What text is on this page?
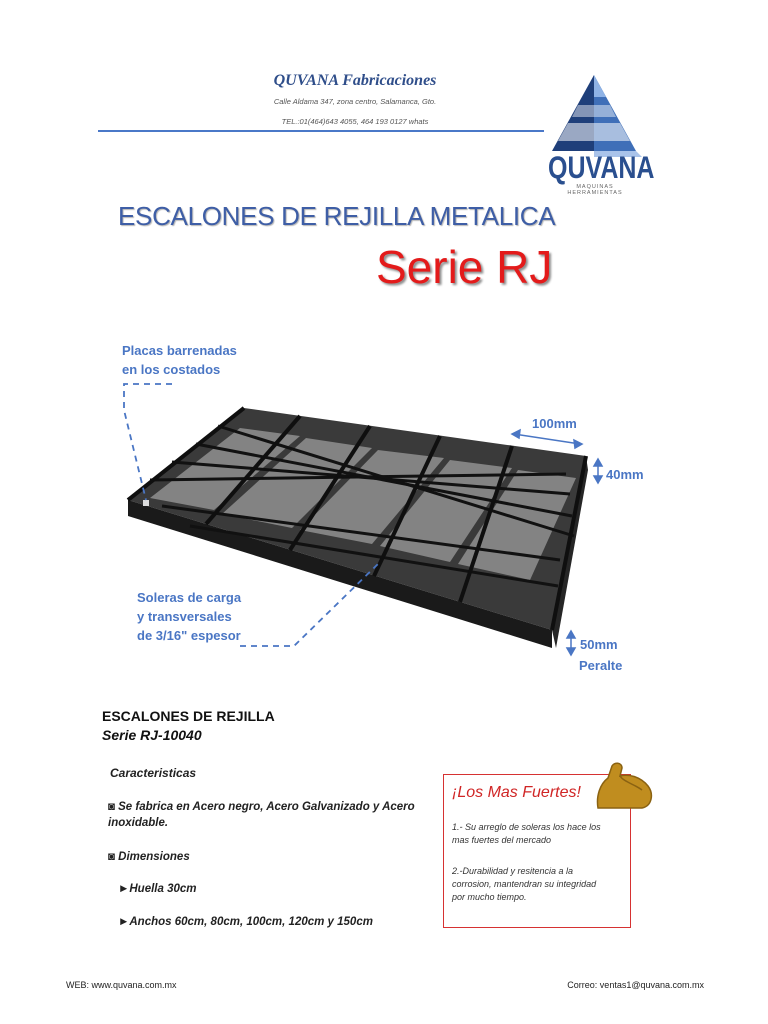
QUVANA Fabricaciones
Calle Aldama 347, zona centro, Salamanca, Gto.
TEL.:01(464)643 4055, 464 193 0127 whats
QUVANA
MAQUINAS HERRAMIENTAS
ESCALONES DE REJILLA METALICA
Serie RJ
Placas barrenadas
en los costados
100mm
40mm
Soleras de carga
y transversales
de 3/16" espesor
50mm
Peralte
ESCALONES DE REJILLA
Serie RJ-10040
Caracteristicas
◙ Se fabrica en Acero negro, Acero Galvanizado y Acero
inoxidable.
◙ Dimensiones
►Huella 30cm
►Anchos 60cm, 80cm, 100cm, 120cm y 150cm
¡Los Mas Fuertes!
1.- Su arreglo de soleras los hace los
mas fuertes del mercado
2.-Durabilidad y resitencia a la
corrosion, mantendran su integridad
por mucho tiempo.
WEB: www.quvana.com.mx	Correo: ventas1@quvana.com.mx
